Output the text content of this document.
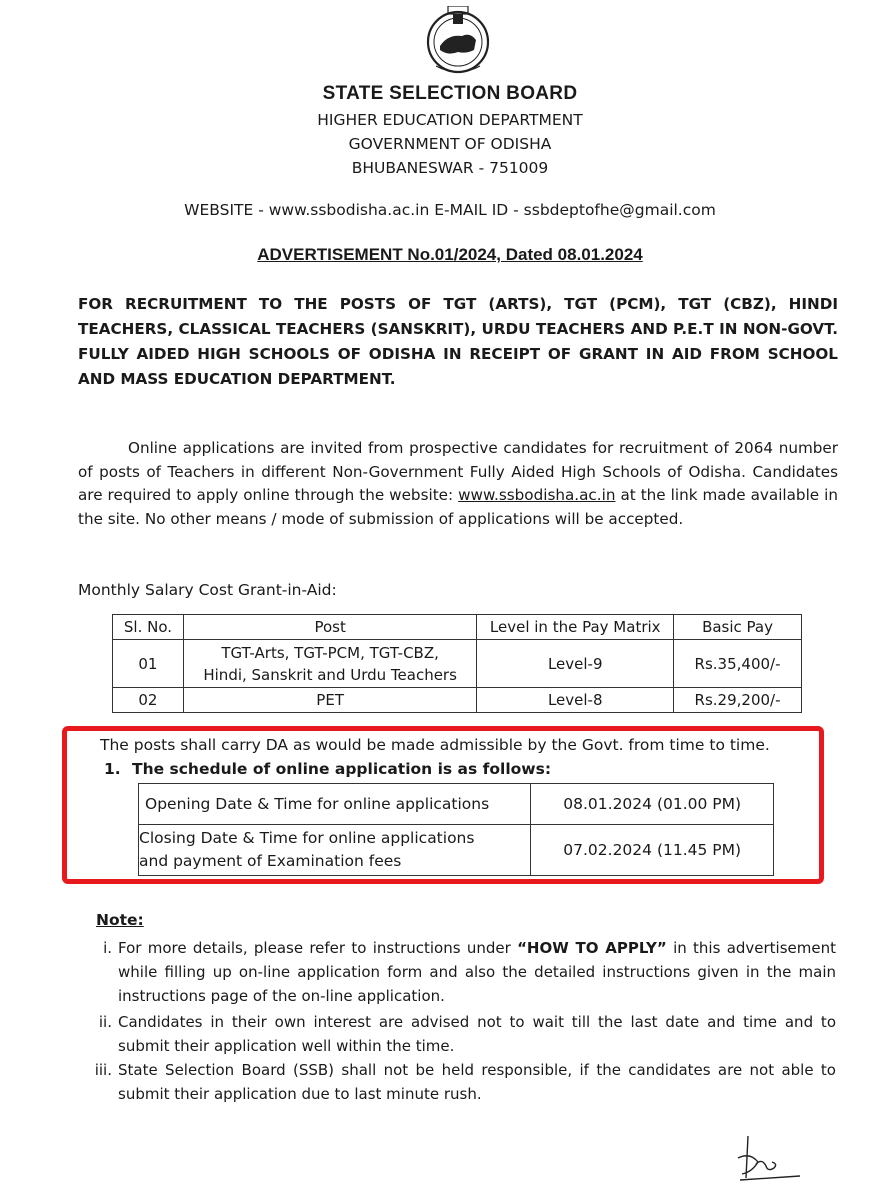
STATE SELECTION BOARD
HIGHER EDUCATION DEPARTMENT
GOVERNMENT OF ODISHA
BHUBANESWAR - 751009
WEBSITE - www.ssbodisha.ac.in E-MAIL ID - ssbdeptofhe@gmail.com
ADVERTISEMENT No.01/2024, Dated 08.01.2024
FOR RECRUITMENT TO THE POSTS OF TGT (ARTS), TGT (PCM), TGT (CBZ), HINDI TEACHERS, CLASSICAL TEACHERS (SANSKRIT), URDU TEACHERS AND P.E.T IN NON-GOVT. FULLY AIDED HIGH SCHOOLS OF ODISHA IN RECEIPT OF GRANT IN AID FROM SCHOOL AND MASS EDUCATION DEPARTMENT.
Online applications are invited from prospective candidates for recruitment of 2064 number of posts of Teachers in different Non-Government Fully Aided High Schools of Odisha. Candidates are required to apply online through the website: www.ssbodisha.ac.in at the link made available in the site. No other means / mode of submission of applications will be accepted.
Monthly Salary Cost Grant-in-Aid:
Sl. No.	Post	Level in the Pay Matrix	Basic Pay
01	TGT-Arts, TGT-PCM, TGT-CBZ,
Hindi, Sanskrit and Urdu Teachers	Level-9	Rs.35,400/-
02	PET	Level-8	Rs.29,200/-
The posts shall carry DA as would be made admissible by the Govt. from time to time.
1. The schedule of online application is as follows:
Opening Date & Time for online applications	08.01.2024 (01.00 PM)

Closing Date & Time for online applications
and payment of Examination fees	07.02.2024 (11.45 PM)
Note:
i. For more details, please refer to instructions under “HOW TO APPLY” in this advertisement while filling up on-line application form and also the detailed instructions given in the main instructions page of the on-line application.
ii. Candidates in their own interest are advised not to wait till the last date and time and to submit their application well within the time.
iii. State Selection Board (SSB) shall not be held responsible, if the candidates are not able to submit their application due to last minute rush.
